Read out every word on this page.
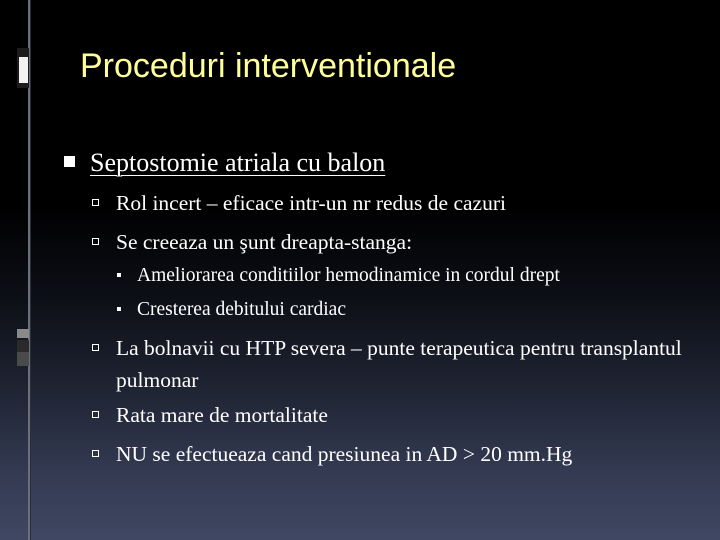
Proceduri interventionale
Septostomie atriala cu balon
Rol incert – eficace intr-un nr redus de cazuri
Se creeaza un şunt dreapta-stanga:
Ameliorarea conditiilor hemodinamice in cordul drept
Cresterea debitului cardiac
La bolnavii cu HTP severa – punte terapeutica pentru transplantul pulmonar
Rata mare de mortalitate
NU se efectueaza cand presiunea in AD > 20 mm.Hg
